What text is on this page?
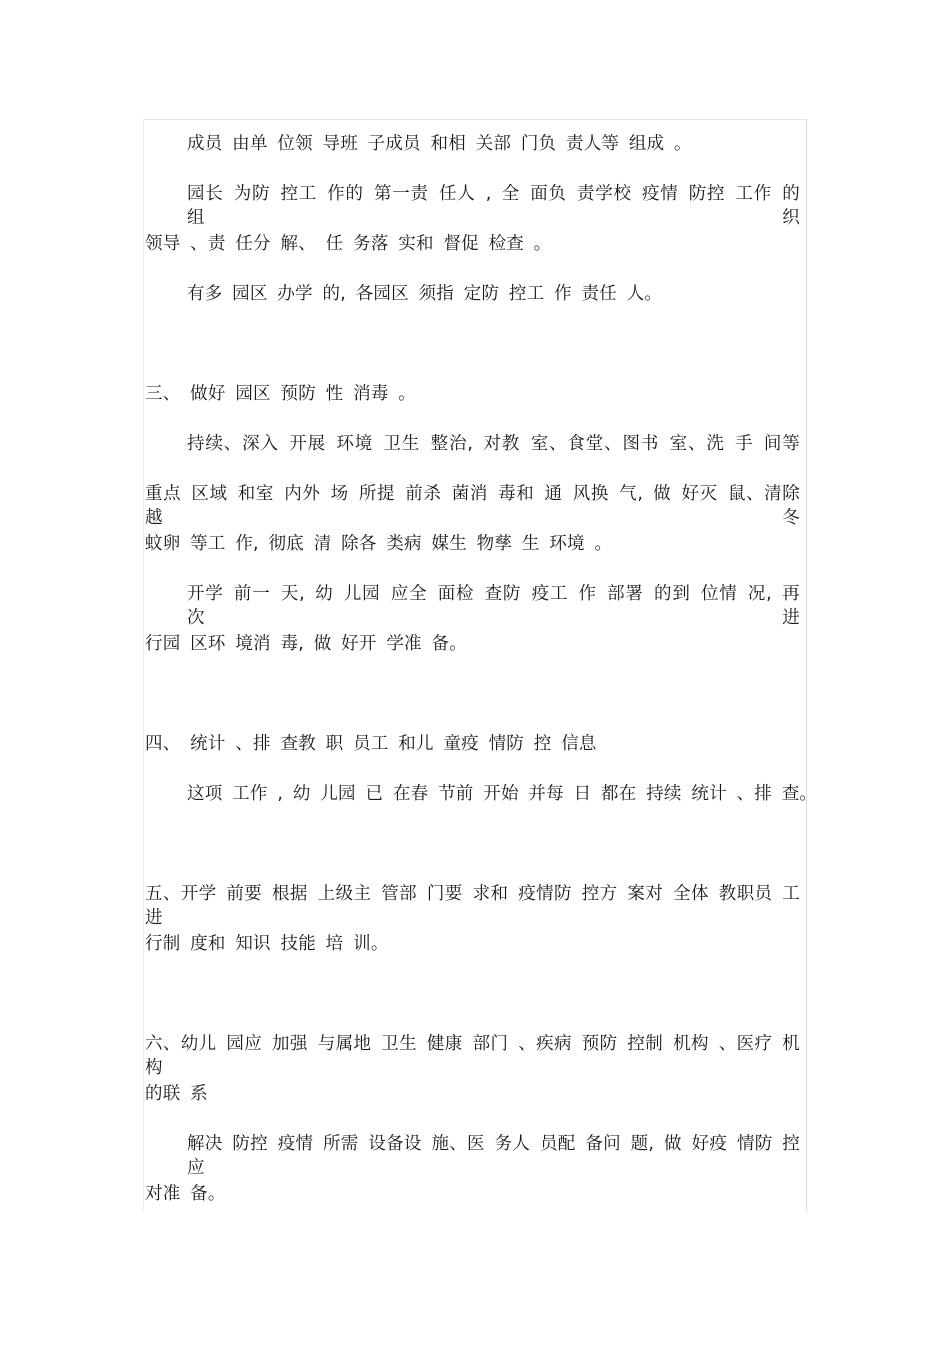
成员 由单 位领 导班 子成员 和相 关部 门负 责人等 组成 。
园长 为防 控工 作的 第一责 任人 , 全 面负 责学校 疫情 防控 工作 的 组织
领导 、责 任分 解、 任 务落 实和 督促 检查 。
有多 园区 办学 的, 各园区 须指 定防 控工 作 责任 人。
三、 做好 园区 预防 性 消毒 。
持续、深入 开展 环境 卫生 整治, 对教 室、食堂、图书 室、洗 手 间等
重点 区域 和室 内外 场 所提 前杀 菌消 毒和 通 风换 气, 做 好灭 鼠、清除 越冬
蚊卵 等工 作, 彻底 清 除各 类病 媒生 物孳 生 环境 。
开学 前一 天, 幼 儿园 应全 面检 查防 疫工 作 部署 的到 位情 况, 再 次进
行园 区环 境消 毒, 做 好开 学准 备。
四、 统计 、排 查教 职 员工 和儿 童疫 情防 控 信息
这项 工作 , 幼 儿园 已 在春 节前 开始 并每 日 都在 持续 统计 、排 查。
五、开学 前要 根据 上级主 管部 门要 求和 疫情防 控方 案对 全体 教职员 工进
行制 度和 知识 技能 培 训。
六、幼儿 园应 加强 与属地 卫生 健康 部门 、疾病 预防 控制 机构 、医疗 机构
的联 系
解决 防控 疫情 所需 设备设 施、医 务人 员配 备问 题, 做 好疫 情防 控应
对准 备。
